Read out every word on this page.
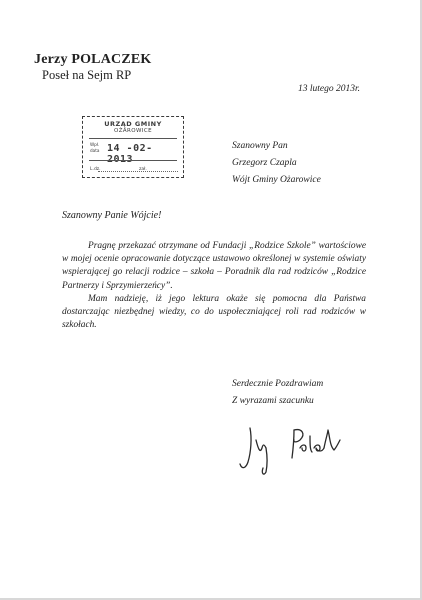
Jerzy POLACZEK
Poseł na Sejm RP
13 lutego 2013r.
URZĄD GMINY
OŻAROWICE
Wpł.
data 14 -02- 2013
L.dz.	zał.
Szanowny Pan
Grzegorz Czapla
Wójt Gminy Ożarowice
Szanowny Panie Wójcie!

Pragnę przekazać otrzymane od Fundacji „Rodzice Szkole” wartościowe w mojej ocenie opracowanie dotyczące ustawowo określonej w systemie oświaty wspierającej go relacji rodzice – szkoła – Poradnik dla rad rodziców „Rodzice Partnerzy i Sprzymierzeńcy”.

Mam nadzieję, iż jego lektura okaże się pomocna dla Państwa dostarczając niezbędnej wiedzy, co do uspołeczniającej roli rad rodziców w szkołach.

Serdecznie Pozdrawiam
Z wyrazami szacunku
